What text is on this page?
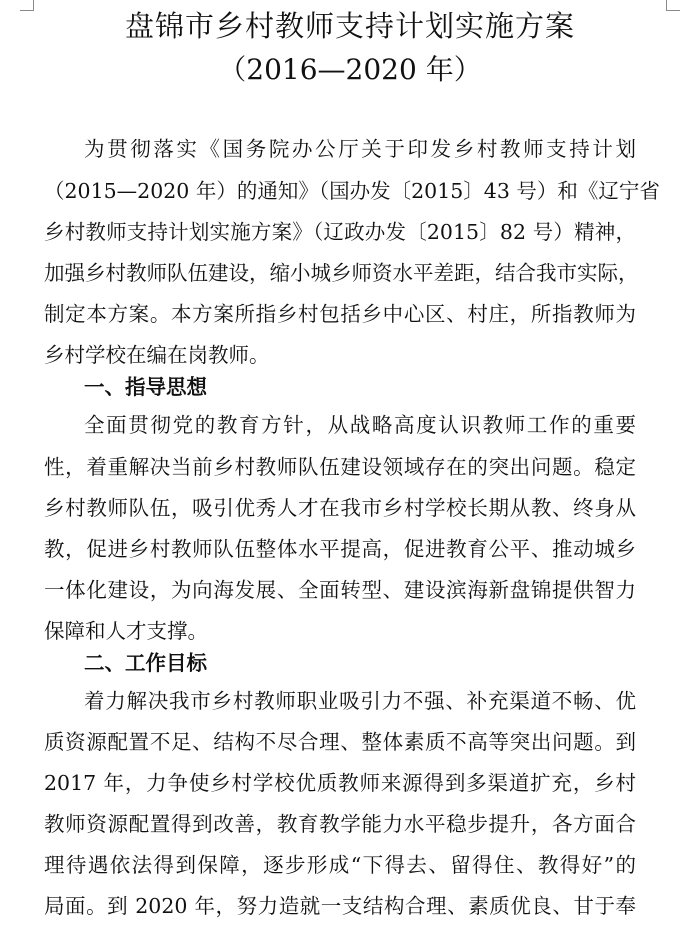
盘锦市乡村教师支持计划实施方案
（2016—2020 年）
为贯彻落实《国务院办公厅关于印发乡村教师支持计划
（2015—2020 年）的通知》（国办发〔2015〕43 号）和《辽宁省
乡村教师支持计划实施方案》（辽政办发〔2015〕82 号）精神，
加强乡村教师队伍建设，缩小城乡师资水平差距，结合我市实际，
制定本方案。本方案所指乡村包括乡中心区、村庄，所指教师为
乡村学校在编在岗教师。
一、指导思想
全面贯彻党的教育方针，从战略高度认识教师工作的重要
性，着重解决当前乡村教师队伍建设领域存在的突出问题。稳定
乡村教师队伍，吸引优秀人才在我市乡村学校长期从教、终身从
教，促进乡村教师队伍整体水平提高，促进教育公平、推动城乡
一体化建设，为向海发展、全面转型、建设滨海新盘锦提供智力
保障和人才支撑。
二、工作目标
着力解决我市乡村教师职业吸引力不强、补充渠道不畅、优
质资源配置不足、结构不尽合理、整体素质不高等突出问题。到
2017 年，力争使乡村学校优质教师来源得到多渠道扩充，乡村
教师资源配置得到改善，教育教学能力水平稳步提升，各方面合
理待遇依法得到保障，逐步形成“下得去、留得住、教得好”的
局面。到 2020 年，努力造就一支结构合理、素质优良、甘于奉
